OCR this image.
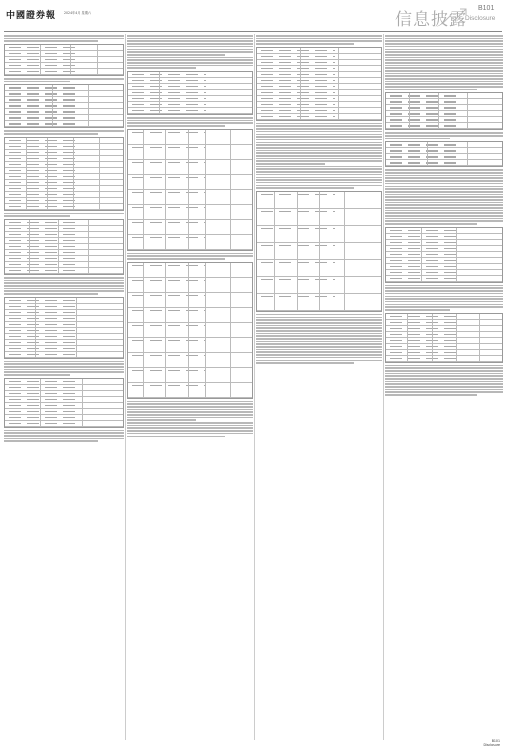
中國證券報 2024年4月 星期六	信息披露
B101
Disclosure
B101
Disclosure
